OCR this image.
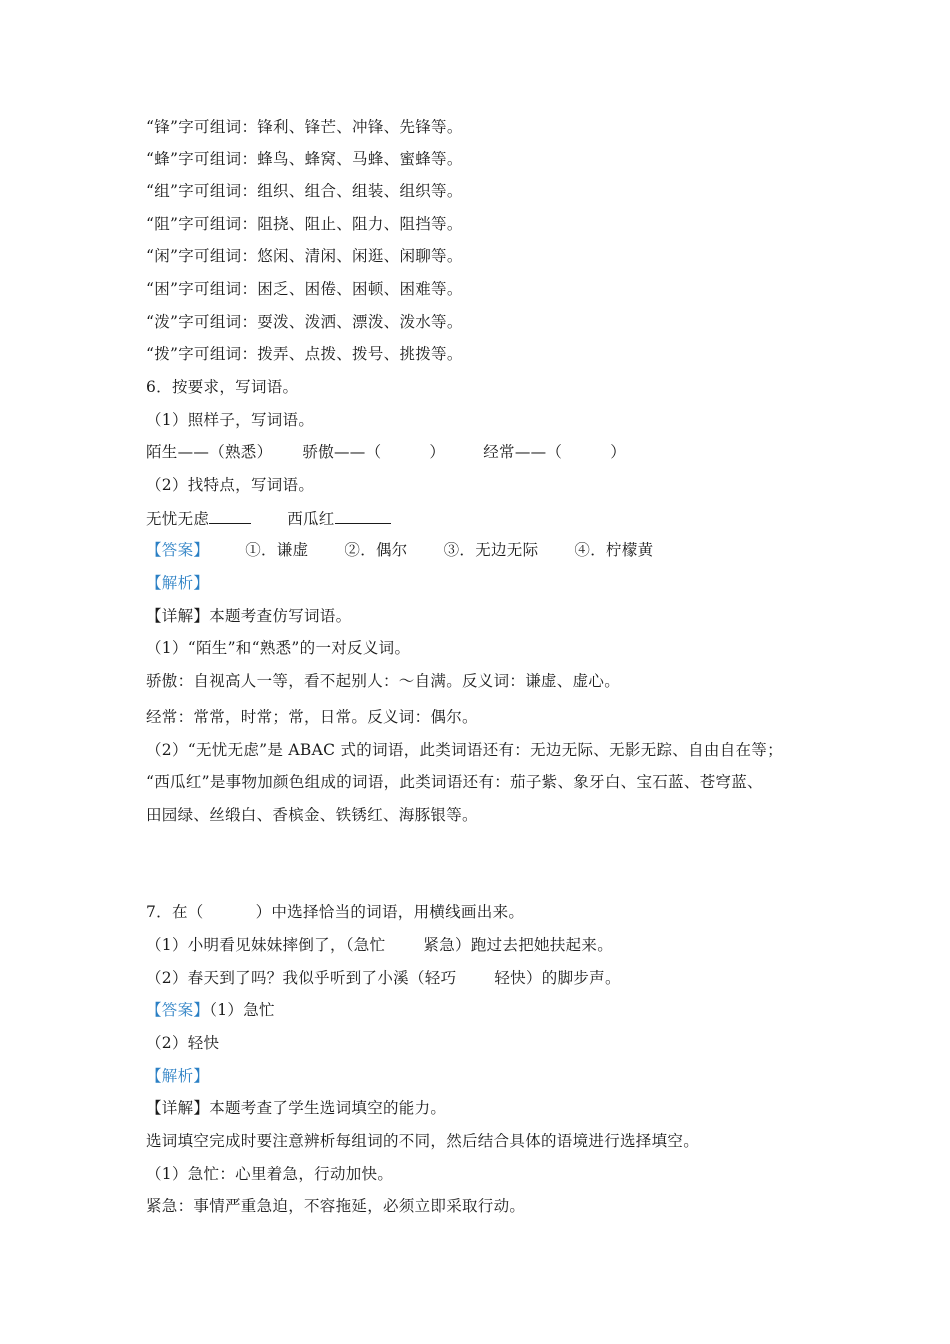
“锋”字可组词：锋利、锋芒、冲锋、先锋等。
“蜂”字可组词：蜂鸟、蜂窝、马蜂、蜜蜂等。
“组”字可组词：组织、组合、组装、组织等。
“阻”字可组词：阻挠、阻止、阻力、阻挡等。
“闲”字可组词：悠闲、清闲、闲逛、闲聊等。
“困”字可组词：困乏、困倦、困顿、困难等。
“泼”字可组词：耍泼、泼洒、漂泼、泼水等。
“拨”字可组词：拨弄、点拨、拨号、挑拨等。
6．按要求，写词语。
（1）照样子，写词语。
陌生——（熟悉） 骄傲——（	） 经常——（	）
（2）找特点，写词语。
无忧无虑	西瓜红
【答案】 ①．谦虚 ②．偶尔 ③．无边无际 ④．柠檬黄
【解析】
【详解】本题考查仿写词语。
（1）“陌生”和“熟悉”的一对反义词。
骄傲：自视高人一等，看不起别人：～自满。反义词：谦虚、虚心。
经常：常常，时常；常，日常。反义词：偶尔。
（2）“无忧无虑”是 ABAC 式的词语，此类词语还有：无边无际、无影无踪、自由自在等；
“西瓜红”是事物加颜色组成的词语，此类词语还有：茄子紫、象牙白、宝石蓝、苍穹蓝、
田园绿、丝缎白、香槟金、铁锈红、海豚银等。
7．在（	）中选择恰当的词语，用横线画出来。
（1）小明看见妹妹摔倒了，（急忙 紧急）跑过去把她扶起来。
（2）春天到了吗？我似乎听到了小溪（轻巧 轻快）的脚步声。
【答案】（1）急忙
（2）轻快
【解析】
【详解】本题考查了学生选词填空的能力。
选词填空完成时要注意辨析每组词的不同，然后结合具体的语境进行选择填空。
（1）急忙：心里着急，行动加快。
紧急：事情严重急迫，不容拖延，必须立即采取行动。
